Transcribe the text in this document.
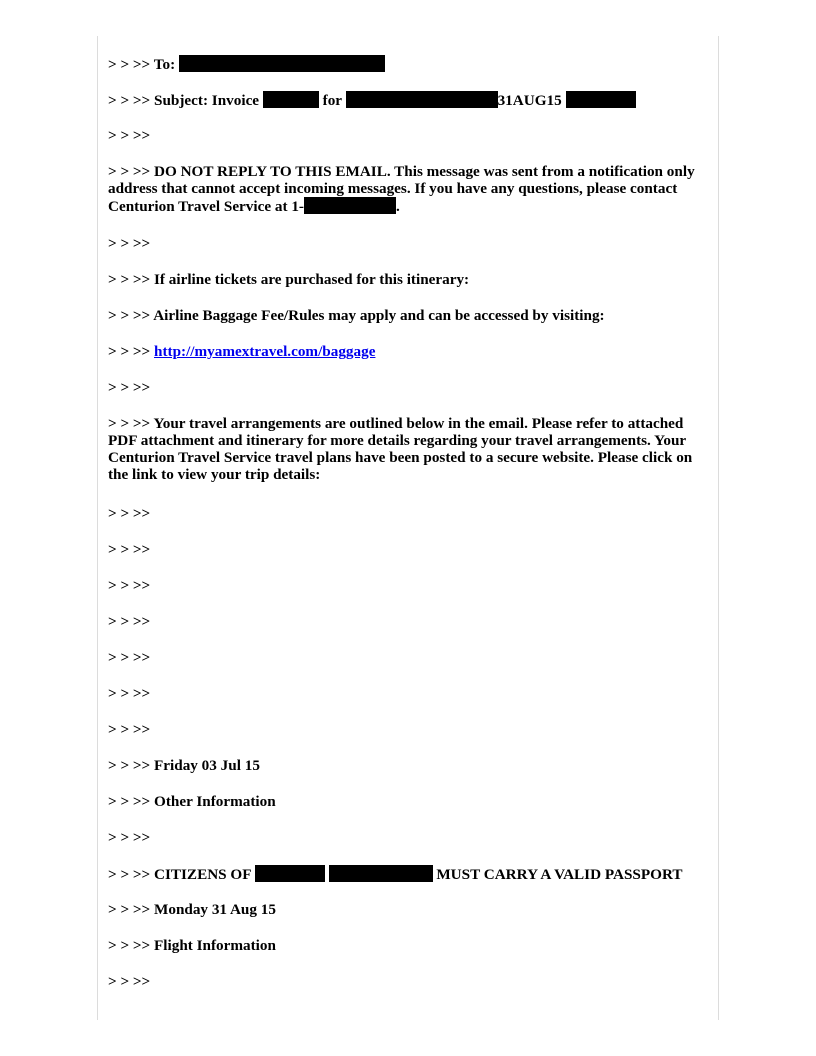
> > >> To:

> > >> Subject: Invoice	for	31AUG15

> > >>

> > >> DO NOT REPLY TO THIS EMAIL. This message was sent from a notification only address that cannot accept incoming messages. If you have any questions, please contact Centurion Travel Service at 1-	.

> > >>

> > >> If airline tickets are purchased for this itinerary:

> > >> Airline Baggage Fee/Rules may apply and can be accessed by visiting:

> > >> http://myamextravel.com/baggage

> > >>

> > >> Your travel arrangements are outlined below in the email. Please refer to attached PDF attachment and itinerary for more details regarding your travel arrangements. Your Centurion Travel Service travel plans have been posted to a secure website. Please click on the link to view your trip details:

> > >>

> > >>

> > >>

> > >>

> > >>

> > >>

> > >>

> > >> Friday 03 Jul 15

> > >> Other Information

> > >>

> > >> CITIZENS OF	MUST CARRY A VALID PASSPORT

> > >> Monday 31 Aug 15

> > >> Flight Information

> > >>
